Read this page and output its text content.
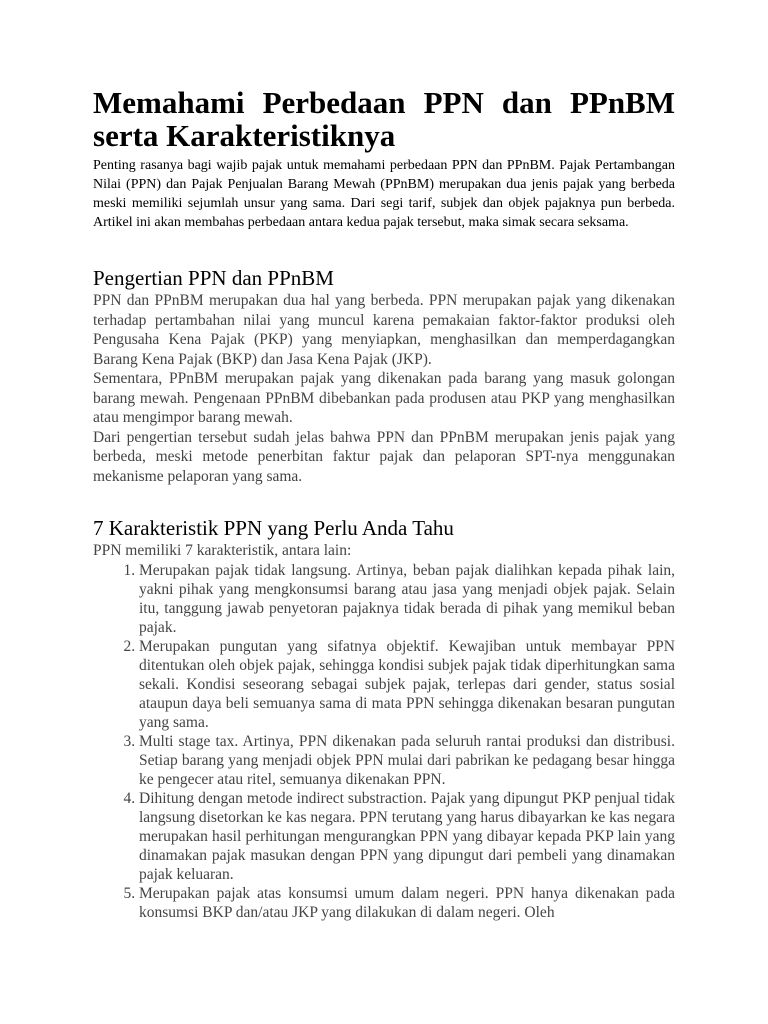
Memahami Perbedaan PPN dan PPnBM serta Karakteristiknya

Penting rasanya bagi wajib pajak untuk memahami perbedaan PPN dan PPnBM. Pajak Pertambangan Nilai (PPN) dan Pajak Penjualan Barang Mewah (PPnBM) merupakan dua jenis pajak yang berbeda meski memiliki sejumlah unsur yang sama. Dari segi tarif, subjek dan objek pajaknya pun berbeda. Artikel ini akan membahas perbedaan antara kedua pajak tersebut, maka simak secara seksama.

Pengertian PPN dan PPnBM

PPN dan PPnBM merupakan dua hal yang berbeda. PPN merupakan pajak yang dikenakan terhadap pertambahan nilai yang muncul karena pemakaian faktor-faktor produksi oleh Pengusaha Kena Pajak (PKP) yang menyiapkan, menghasilkan dan memperdagangkan Barang Kena Pajak (BKP) dan Jasa Kena Pajak (JKP).

Sementara, PPnBM merupakan pajak yang dikenakan pada barang yang masuk golongan barang mewah. Pengenaan PPnBM dibebankan pada produsen atau PKP yang menghasilkan atau mengimpor barang mewah.

Dari pengertian tersebut sudah jelas bahwa PPN dan PPnBM merupakan jenis pajak yang berbeda, meski metode penerbitan faktur pajak dan pelaporan SPT-nya menggunakan mekanisme pelaporan yang sama.

7 Karakteristik PPN yang Perlu Anda Tahu

PPN memiliki 7 karakteristik, antara lain:

1. Merupakan pajak tidak langsung. Artinya, beban pajak dialihkan kepada pihak lain, yakni pihak yang mengkonsumsi barang atau jasa yang menjadi objek pajak. Selain itu, tanggung jawab penyetoran pajaknya tidak berada di pihak yang memikul beban pajak.
2. Merupakan pungutan yang sifatnya objektif. Kewajiban untuk membayar PPN ditentukan oleh objek pajak, sehingga kondisi subjek pajak tidak diperhitungkan sama sekali. Kondisi seseorang sebagai subjek pajak, terlepas dari gender, status sosial ataupun daya beli semuanya sama di mata PPN sehingga dikenakan besaran pungutan yang sama.
3. Multi stage tax. Artinya, PPN dikenakan pada seluruh rantai produksi dan distribusi. Setiap barang yang menjadi objek PPN mulai dari pabrikan ke pedagang besar hingga ke pengecer atau ritel, semuanya dikenakan PPN.
4. Dihitung dengan metode indirect substraction. Pajak yang dipungut PKP penjual tidak langsung disetorkan ke kas negara. PPN terutang yang harus dibayarkan ke kas negara merupakan hasil perhitungan mengurangkan PPN yang dibayar kepada PKP lain yang dinamakan pajak masukan dengan PPN yang dipungut dari pembeli yang dinamakan pajak keluaran.
5. Merupakan pajak atas konsumsi umum dalam negeri. PPN hanya dikenakan pada konsumsi BKP dan/atau JKP yang dilakukan di dalam negeri. Oleh
